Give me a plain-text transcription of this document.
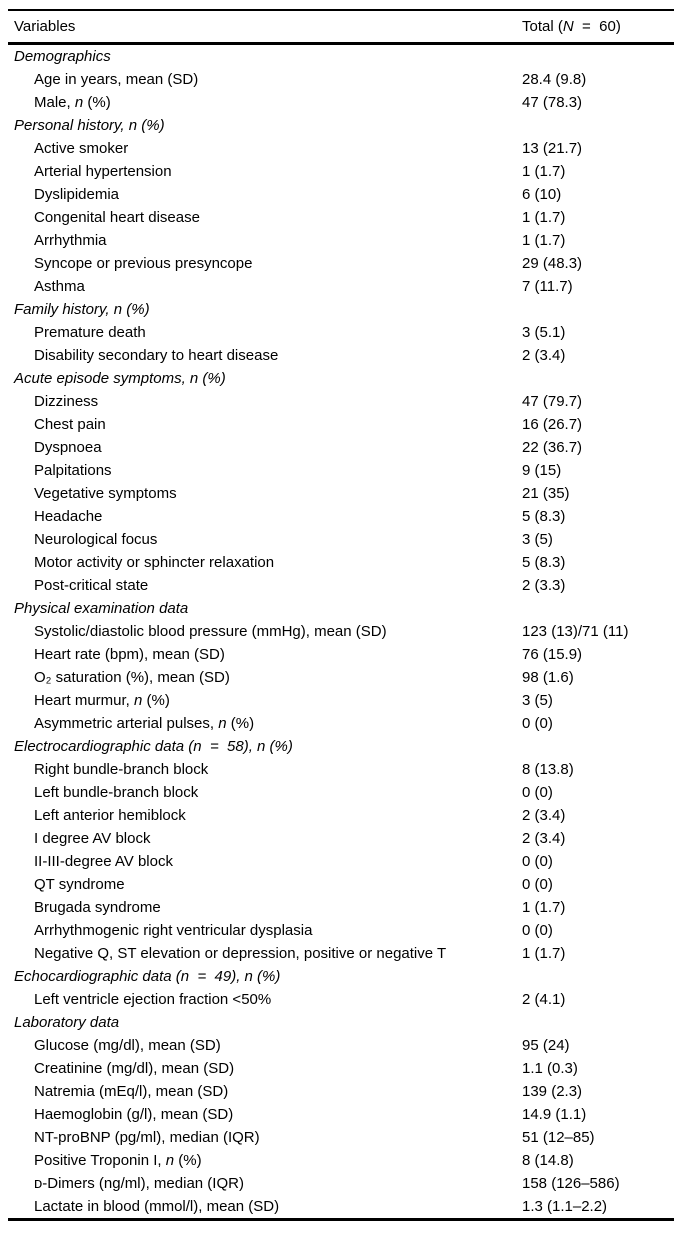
Variables	Total (N  =  60)
Demographics	
Age in years, mean (SD)	28.4 (9.8)
Male, n (%)	47 (78.3)
Personal history, n (%)	
Active smoker	13 (21.7)
Arterial hypertension	1 (1.7)
Dyslipidemia	6 (10)
Congenital heart disease	1 (1.7)
Arrhythmia	1 (1.7)
Syncope or previous presyncope	29 (48.3)
Asthma	7 (11.7)
Family history, n (%)	
Premature death	3 (5.1)
Disability secondary to heart disease	2 (3.4)
Acute episode symptoms, n (%)	
Dizziness	47 (79.7)
Chest pain	16 (26.7)
Dyspnoea	22 (36.7)
Palpitations	9 (15)
Vegetative symptoms	21 (35)
Headache	5 (8.3)
Neurological focus	3 (5)
Motor activity or sphincter relaxation	5 (8.3)
Post-critical state	2 (3.3)
Physical examination data	
Systolic/diastolic blood pressure (mmHg), mean (SD)	123 (13)/71 (11)
Heart rate (bpm), mean (SD)	76 (15.9)
O₂ saturation (%), mean (SD)	98 (1.6)
Heart murmur, n (%)	3 (5)
Asymmetric arterial pulses, n (%)	0 (0)
Electrocardiographic data (n  =  58), n (%)	
Right bundle-branch block	8 (13.8)
Left bundle-branch block	0 (0)
Left anterior hemiblock	2 (3.4)
I degree AV block	2 (3.4)
II-III-degree AV block	0 (0)
QT syndrome	0 (0)
Brugada syndrome	1 (1.7)
Arrhythmogenic right ventricular dysplasia	0 (0)
Negative Q, ST elevation or depression, positive or negative T	1 (1.7)
Echocardiographic data (n  =  49), n (%)	
Left ventricle ejection fraction <50%	2 (4.1)
Laboratory data	
Glucose (mg/dl), mean (SD)	95 (24)
Creatinine (mg/dl), mean (SD)	1.1 (0.3)
Natremia (mEq/l), mean (SD)	139 (2.3)
Haemoglobin (g/l), mean (SD)	14.9 (1.1)
NT-proBNP (pg/ml), median (IQR)	51 (12–85)
Positive Troponin I, n (%)	8 (14.8)
ᴅ-Dimers (ng/ml), median (IQR)	158 (126–586)
Lactate in blood (mmol/l), mean (SD)	1.3 (1.1–2.2)
